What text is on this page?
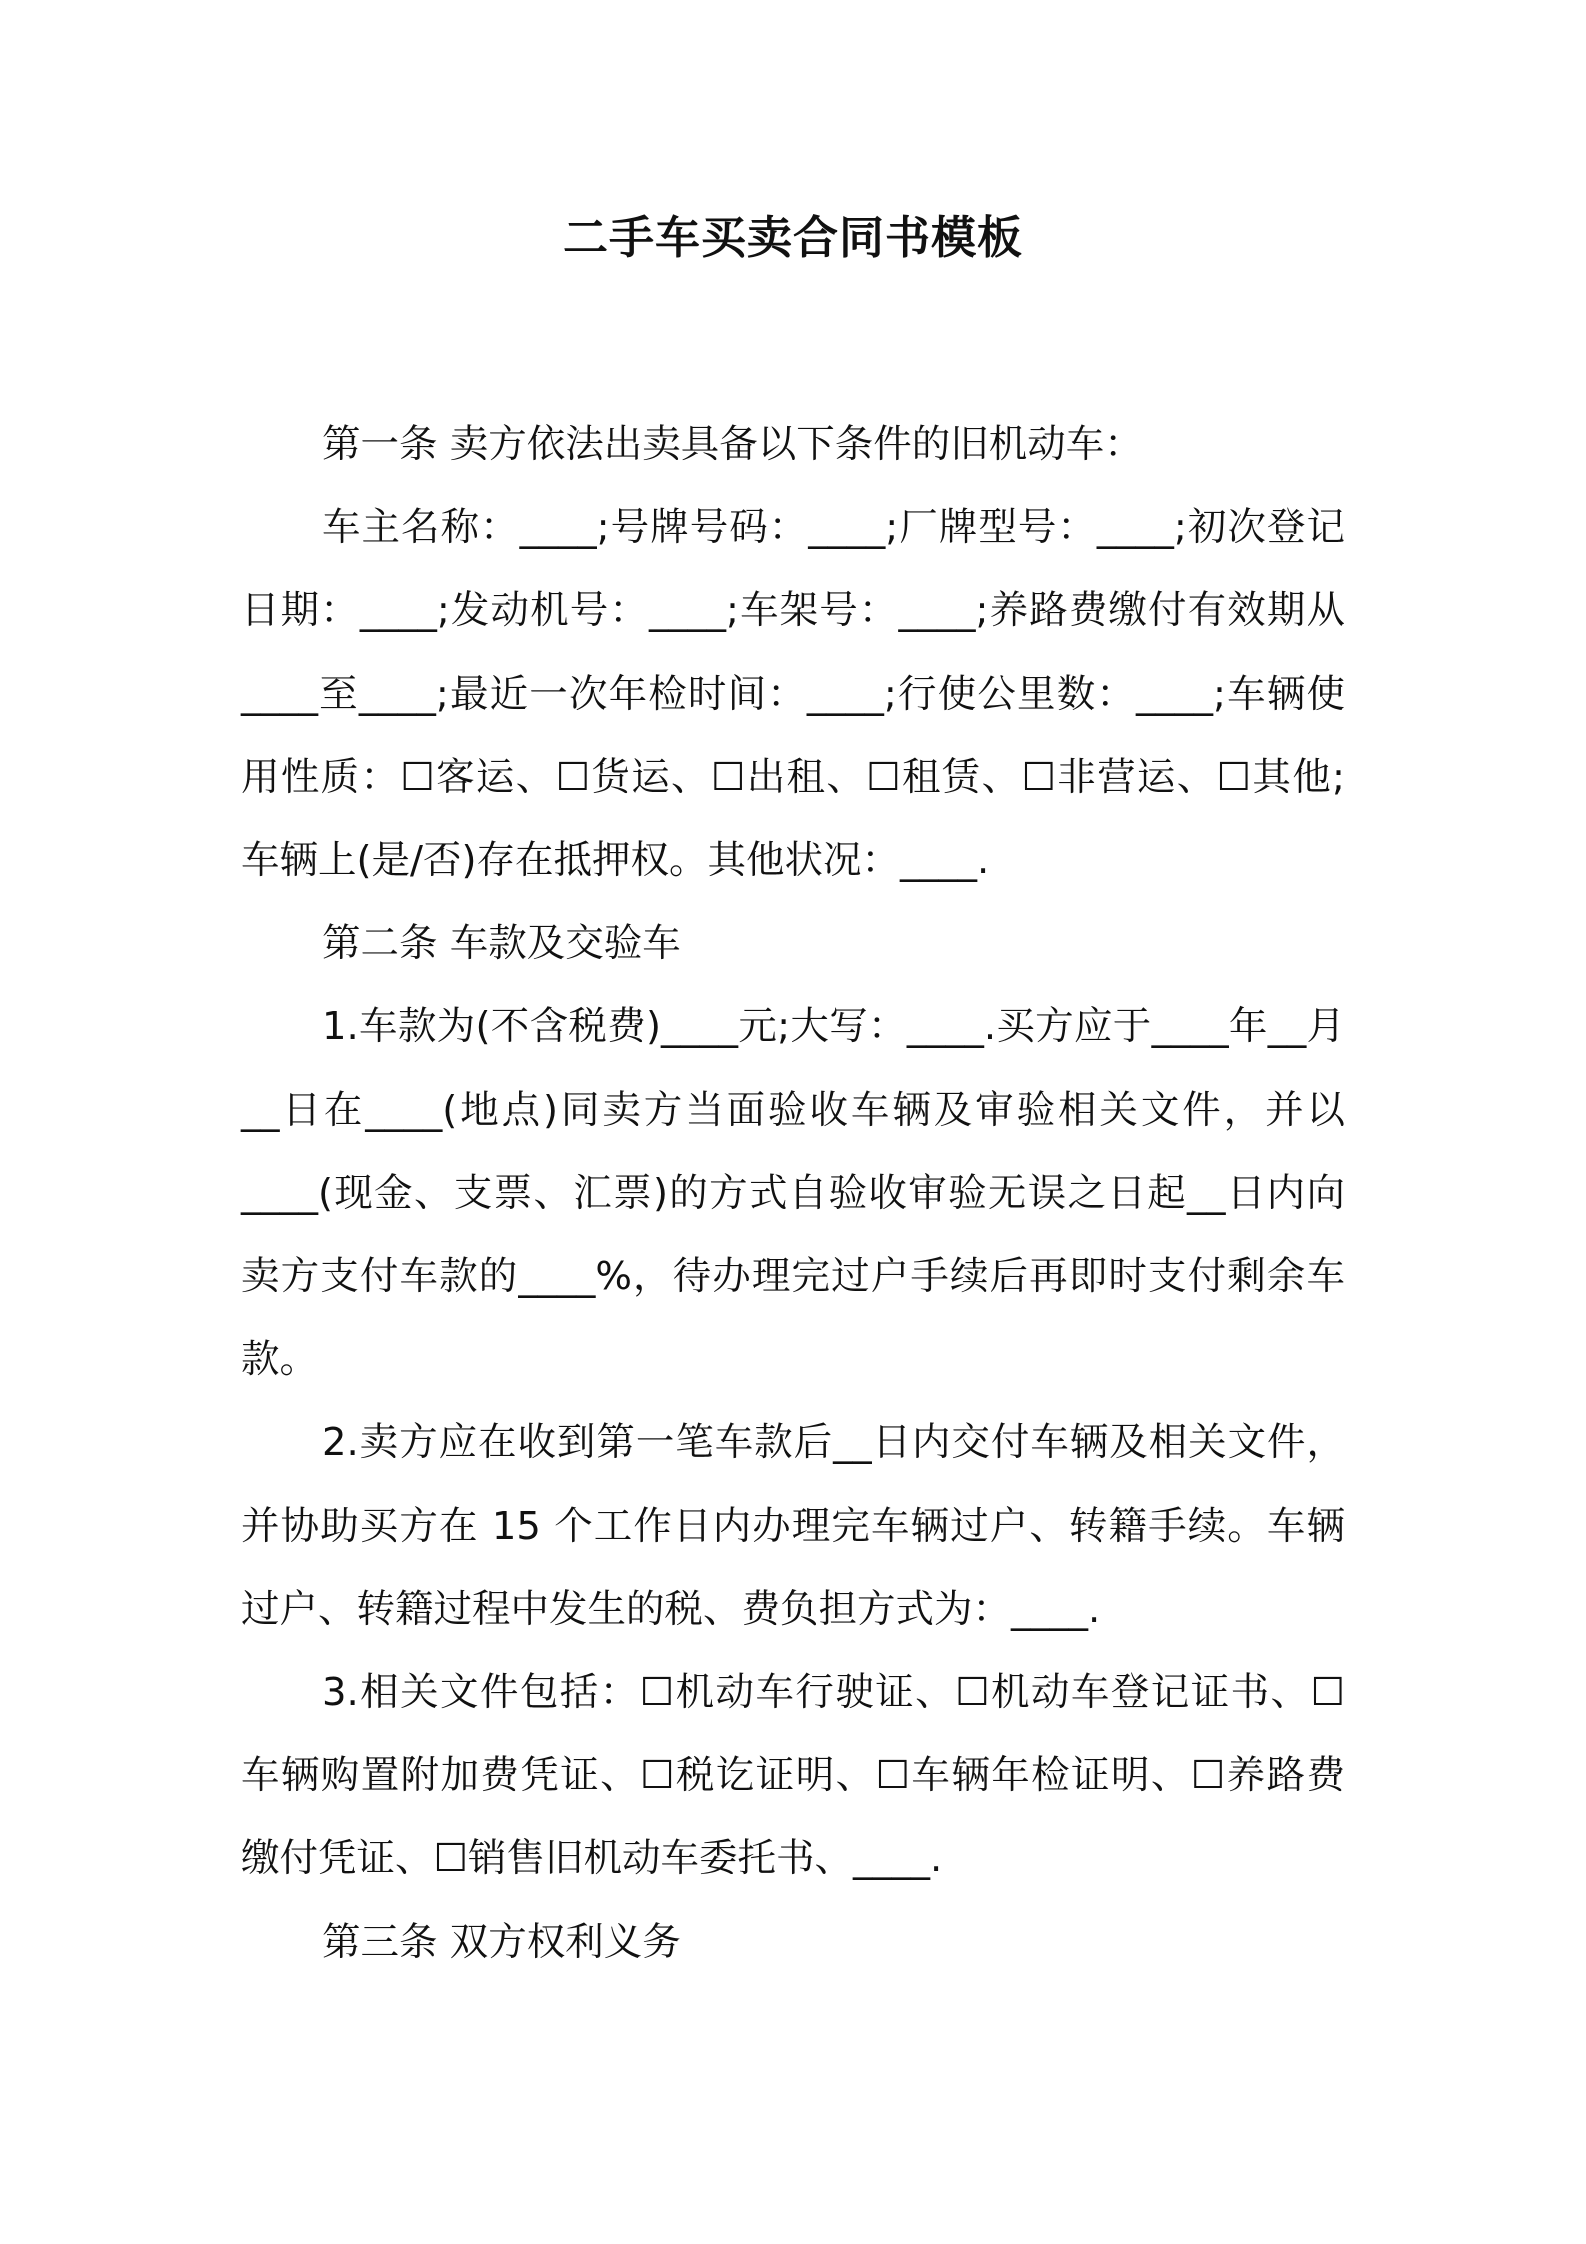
二手车买卖合同书模板

第一条 卖方依法出卖具备以下条件的旧机动车：

车主名称：____;号牌号码：____;厂牌型号：____;初次登记日期：____;发动机号：____;车架号：____;养路费缴付有效期从____至____;最近一次年检时间：____;行使公里数：____;车辆使用性质：☐客运、☐货运、☐出租、☐租赁、☐非营运、☐其他;车辆上(是/否)存在抵押权。其他状况：____.

第二条 车款及交验车

1.车款为(不含税费)____元;大写：____.买方应于____年__月__日在____(地点)同卖方当面验收车辆及审验相关文件，并以____(现金、支票、汇票)的方式自验收审验无误之日起__日内向卖方支付车款的____%，待办理完过户手续后再即时支付剩余车款。

2.卖方应在收到第一笔车款后__日内交付车辆及相关文件，并协助买方在 15 个工作日内办理完车辆过户、转籍手续。车辆过户、转籍过程中发生的税、费负担方式为：____.

3.相关文件包括：☐机动车行驶证、☐机动车登记证书、☐车辆购置附加费凭证、☐税讫证明、☐车辆年检证明、☐养路费缴付凭证、☐销售旧机动车委托书、____.

第三条 双方权利义务
